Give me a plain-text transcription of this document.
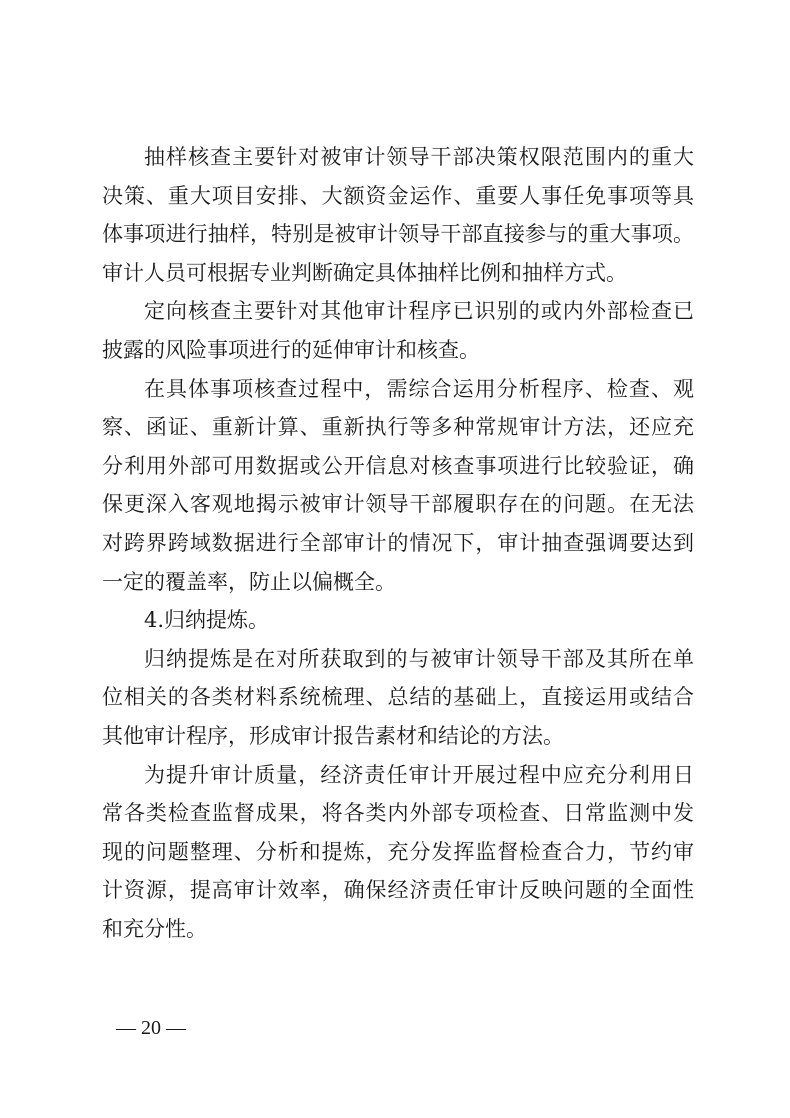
抽样核查主要针对被审计领导干部决策权限范围内的重大
决策、重大项目安排、大额资金运作、重要人事任免事项等具
体事项进行抽样，特别是被审计领导干部直接参与的重大事项。
审计人员可根据专业判断确定具体抽样比例和抽样方式。
定向核查主要针对其他审计程序已识别的或内外部检查已
披露的风险事项进行的延伸审计和核查。
在具体事项核查过程中，需综合运用分析程序、检查、观
察、函证、重新计算、重新执行等多种常规审计方法，还应充
分利用外部可用数据或公开信息对核查事项进行比较验证，确
保更深入客观地揭示被审计领导干部履职存在的问题。在无法
对跨界跨域数据进行全部审计的情况下，审计抽查强调要达到
一定的覆盖率，防止以偏概全。
4.归纳提炼。
归纳提炼是在对所获取到的与被审计领导干部及其所在单
位相关的各类材料系统梳理、总结的基础上，直接运用或结合
其他审计程序，形成审计报告素材和结论的方法。
为提升审计质量，经济责任审计开展过程中应充分利用日
常各类检查监督成果，将各类内外部专项检查、日常监测中发
现的问题整理、分析和提炼，充分发挥监督检查合力，节约审
计资源，提高审计效率，确保经济责任审计反映问题的全面性
和充分性。
— 20 —
